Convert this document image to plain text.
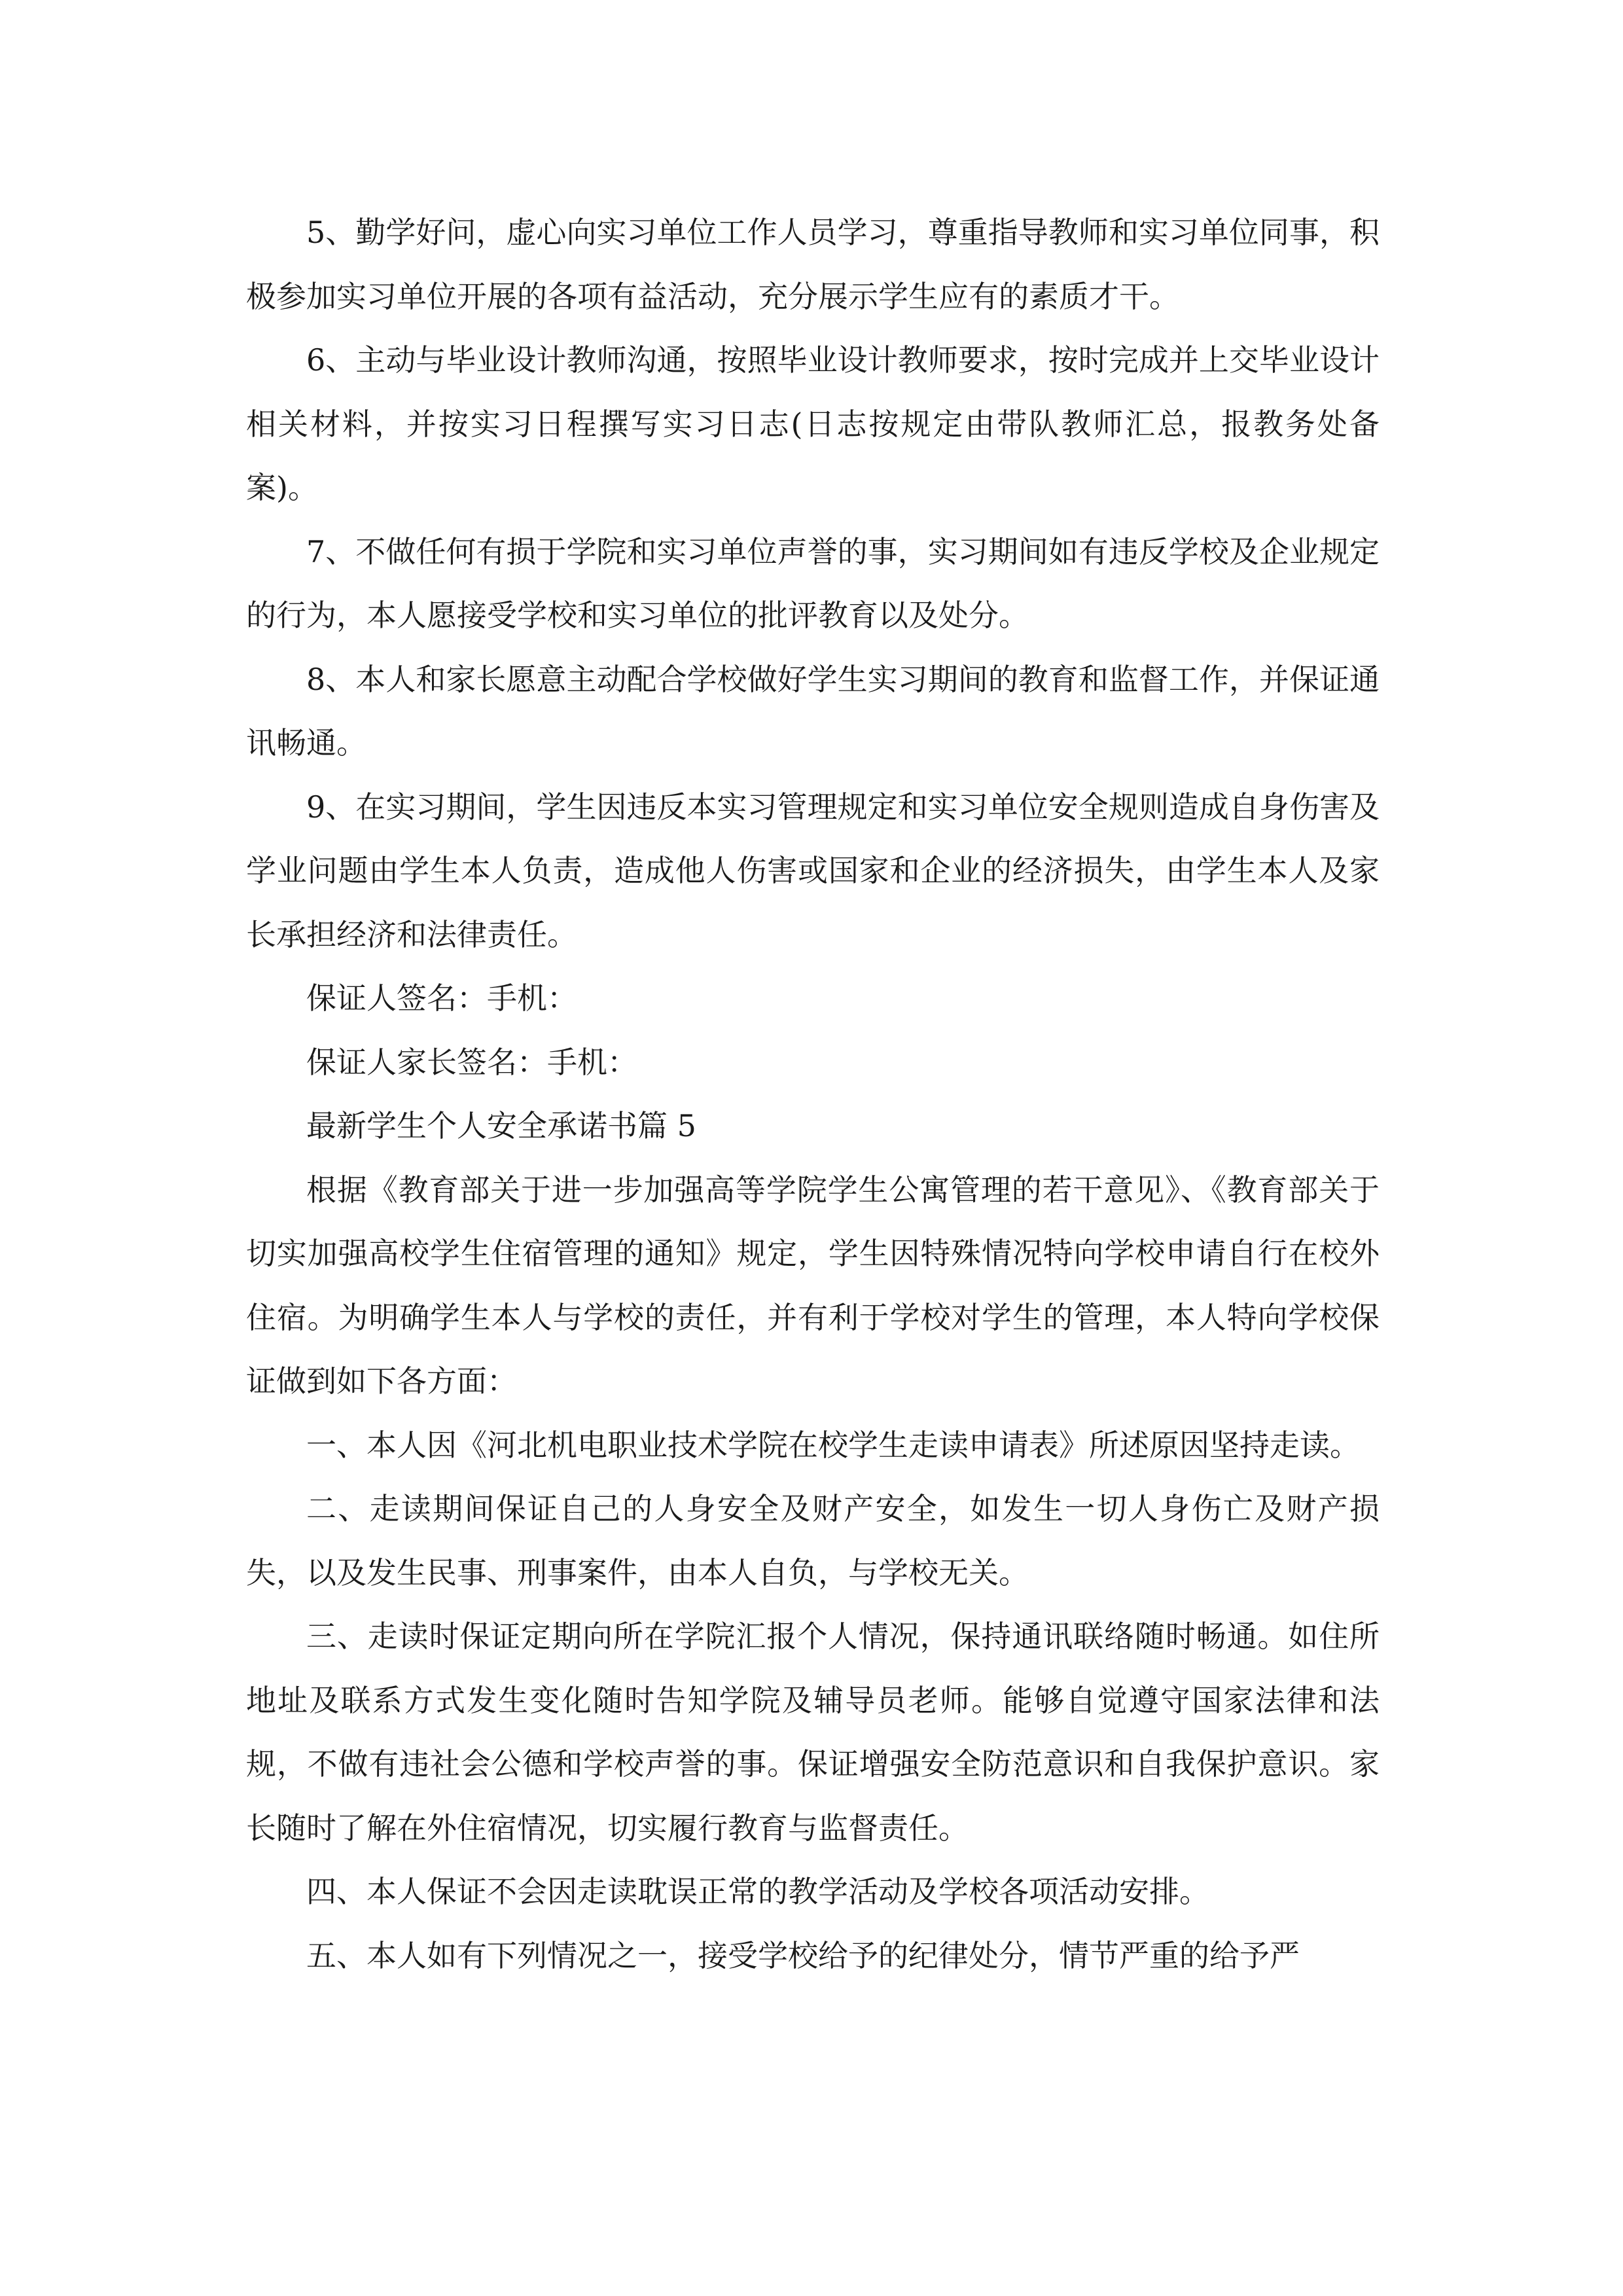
5、勤学好问，虚心向实习单位工作人员学习，尊重指导教师和实习单位同事，积极参加实习单位开展的各项有益活动，充分展示学生应有的素质才干。

6、主动与毕业设计教师沟通，按照毕业设计教师要求，按时完成并上交毕业设计相关材料，并按实习日程撰写实习日志(日志按规定由带队教师汇总，报教务处备案)。

7、不做任何有损于学院和实习单位声誉的事，实习期间如有违反学校及企业规定的行为，本人愿接受学校和实习单位的批评教育以及处分。

8、本人和家长愿意主动配合学校做好学生实习期间的教育和监督工作，并保证通讯畅通。

9、在实习期间，学生因违反本实习管理规定和实习单位安全规则造成自身伤害及学业问题由学生本人负责，造成他人伤害或国家和企业的经济损失，由学生本人及家长承担经济和法律责任。

保证人签名：手机：

保证人家长签名：手机：

最新学生个人安全承诺书篇 5

根据《教育部关于进一步加强高等学院学生公寓管理的若干意见》、《教育部关于切实加强高校学生住宿管理的通知》规定，学生因特殊情况特向学校申请自行在校外住宿。为明确学生本人与学校的责任，并有利于学校对学生的管理，本人特向学校保证做到如下各方面：

一、本人因《河北机电职业技术学院在校学生走读申请表》所述原因坚持走读。

二、走读期间保证自己的人身安全及财产安全，如发生一切人身伤亡及财产损失，以及发生民事、刑事案件，由本人自负，与学校无关。

三、走读时保证定期向所在学院汇报个人情况，保持通讯联络随时畅通。如住所地址及联系方式发生变化随时告知学院及辅导员老师。能够自觉遵守国家法律和法规，不做有违社会公德和学校声誉的事。保证增强安全防范意识和自我保护意识。家长随时了解在外住宿情况，切实履行教育与监督责任。

四、本人保证不会因走读耽误正常的教学活动及学校各项活动安排。

五、本人如有下列情况之一，接受学校给予的纪律处分，情节严重的给予严
